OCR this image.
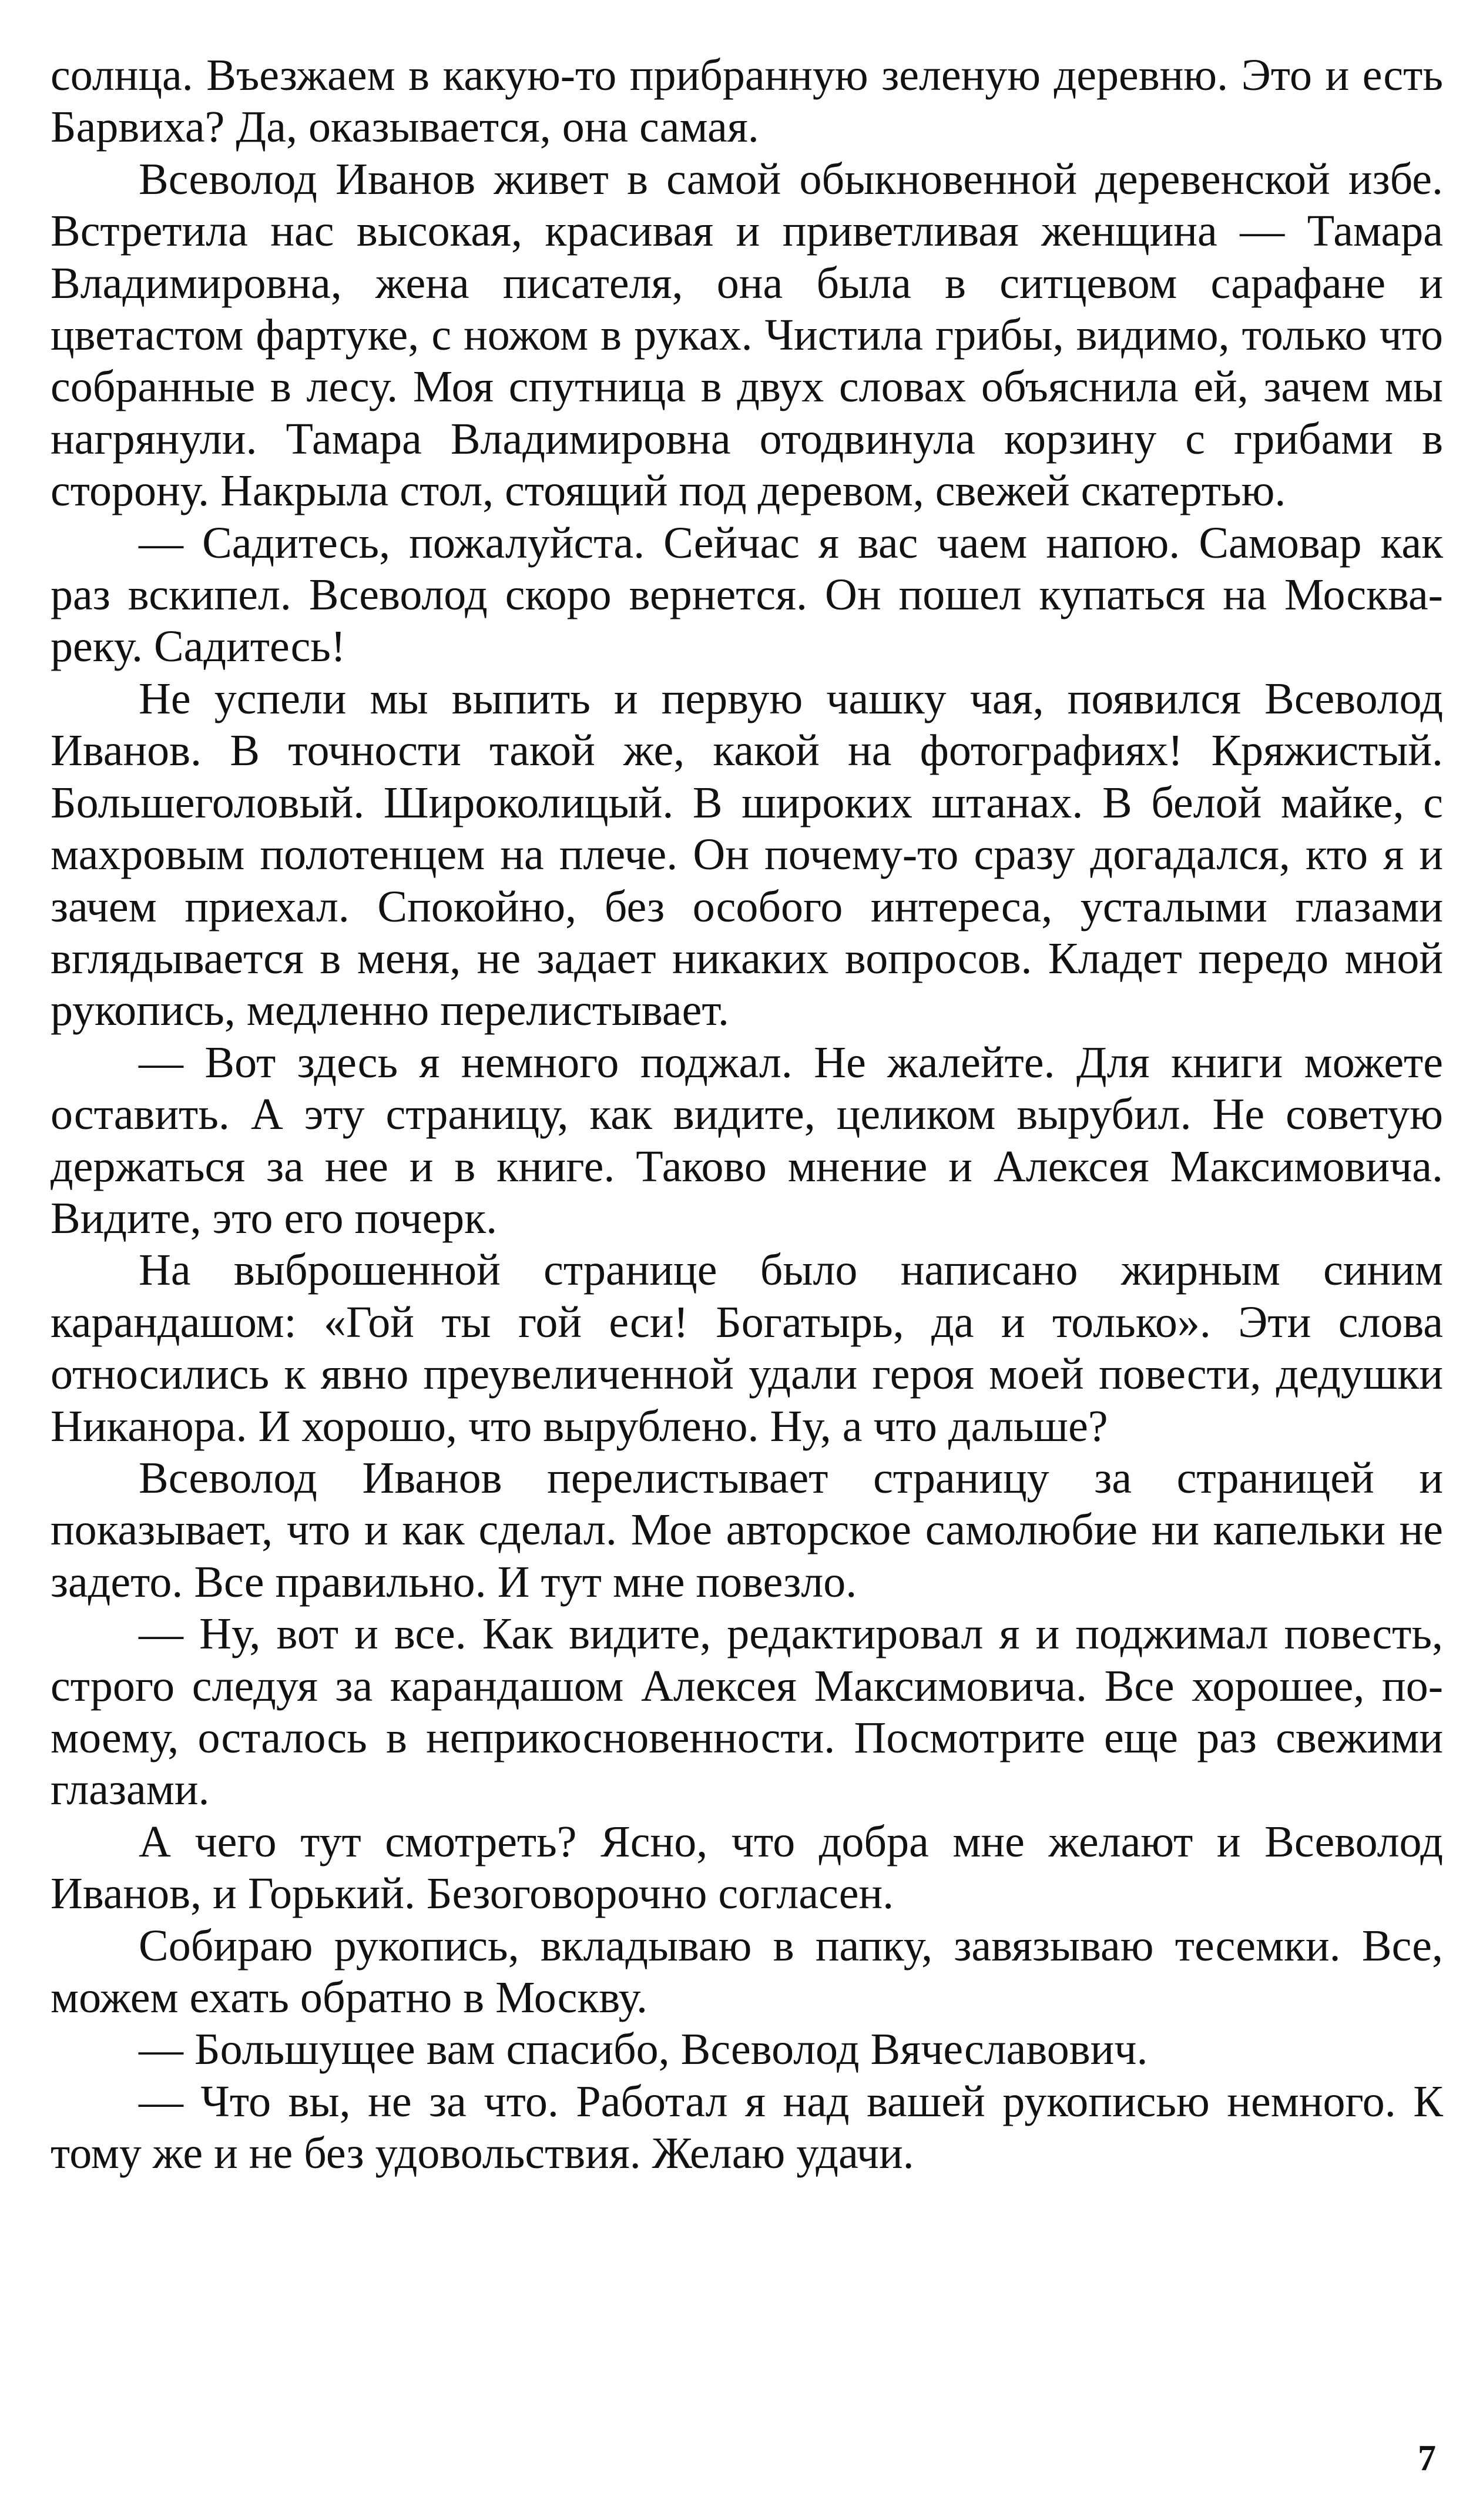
солнца. Въезжаем в какую-то прибранную зеленую деревню. Это и есть Барвиха? Да, оказывается, она самая.

Всеволод Иванов живет в самой обыкновенной деревенской избе. Встретила нас высокая, красивая и приветливая женщина — Тамара Владимировна, жена писателя, она была в ситцевом сарафане и цветастом фартуке, с ножом в руках. Чистила грибы, видимо, только что собранные в лесу. Моя спутница в двух словах объяснила ей, зачем мы нагрянули. Тамара Владимировна отодвинула корзину с грибами в сторону. Накрыла стол, стоящий под деревом, свежей скатертью.

— Садитесь, пожалуйста. Сейчас я вас чаем напою. Самовар как раз вскипел. Всеволод скоро вернется. Он пошел купаться на Москва-реку. Садитесь!

Не успели мы выпить и первую чашку чая, появился Всеволод Иванов. В точности такой же, какой на фотографиях! Кряжистый. Большеголовый. Широколицый. В широких штанах. В белой майке, с махровым полотенцем на плече. Он почему-то сразу догадался, кто я и зачем приехал. Спокойно, без особого интереса, усталыми глазами вглядывается в меня, не задает никаких вопросов. Кладет передо мной рукопись, медленно перелистывает.

— Вот здесь я немного поджал. Не жалейте. Для книги можете оставить. А эту страницу, как видите, целиком вырубил. Не советую держаться за нее и в книге. Таково мнение и Алексея Максимовича. Видите, это его почерк.

На выброшенной странице было написано жирным синим карандашом: «Гой ты гой еси! Богатырь, да и только». Эти слова относились к явно преувеличенной удали героя моей повести, дедушки Никанора. И хорошо, что вырублено. Ну, а что дальше?

Всеволод Иванов перелистывает страницу за страницей и показывает, что и как сделал. Мое авторское самолюбие ни капельки не задето. Все правильно. И тут мне повезло.

— Ну, вот и все. Как видите, редактировал я и поджимал повесть, строго следуя за карандашом Алексея Максимовича. Все хорошее, по-моему, осталось в неприкосновенности. Посмотрите еще раз свежими глазами.

А чего тут смотреть? Ясно, что добра мне желают и Всеволод Иванов, и Горький. Безоговорочно согласен.

Собираю рукопись, вкладываю в папку, завязываю тесемки. Все, можем ехать обратно в Москву.

— Большущее вам спасибо, Всеволод Вячеславович.

— Что вы, не за что. Работал я над вашей рукописью немного. К тому же и не без удовольствия. Желаю удачи.

7
